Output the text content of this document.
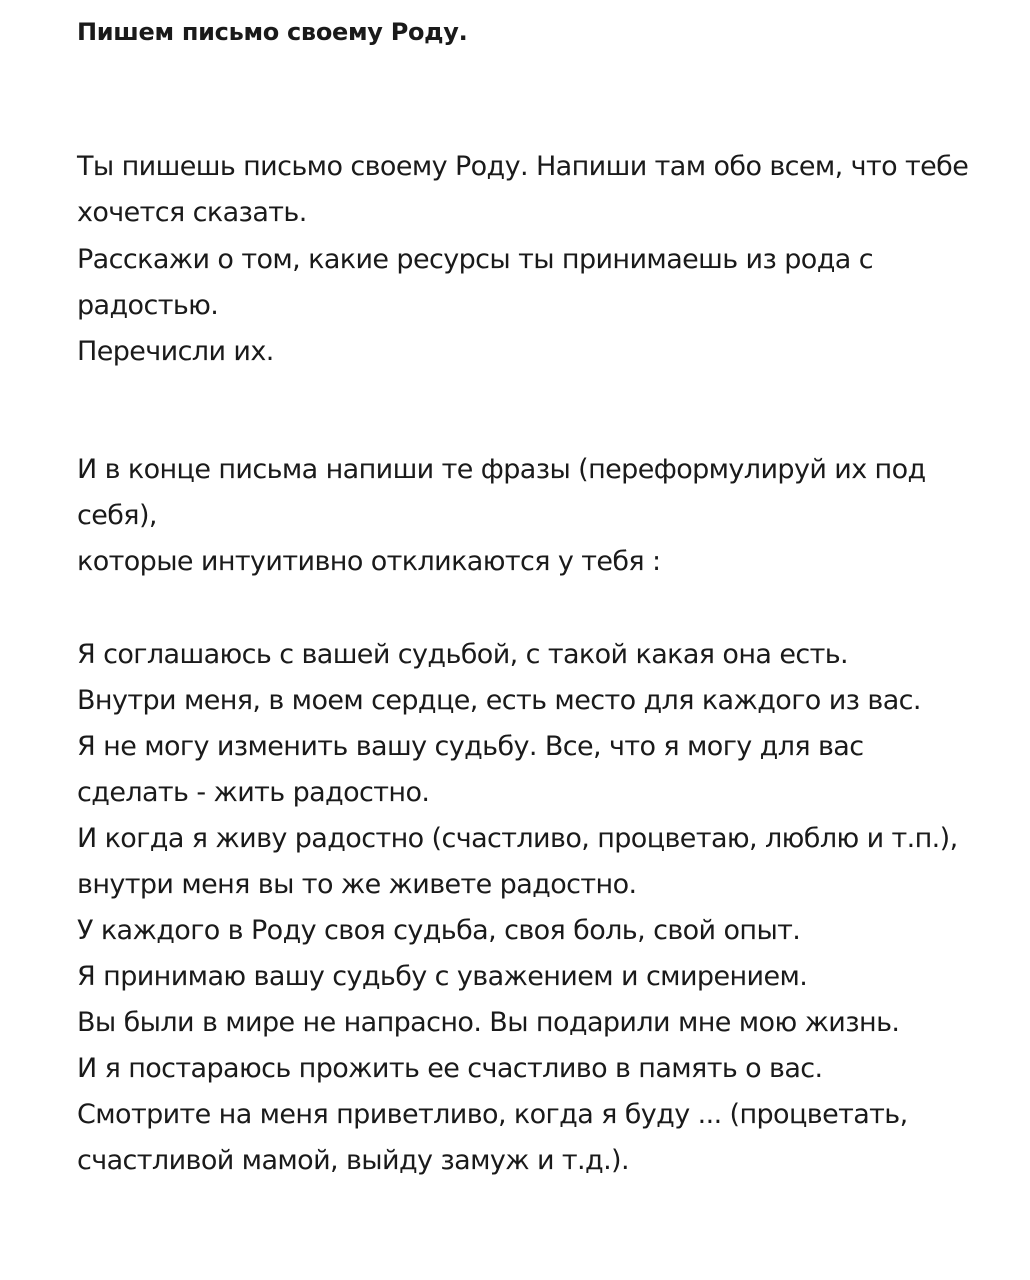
Пишем письмо своему Роду.

Ты пишешь письмо своему Роду. Напиши там обо всем, что тебе

хочется сказать.

Расскажи о том, какие ресурсы ты принимаешь из рода с

радостью.

Перечисли их.

И в конце письма напиши те фразы (переформулируй их под

себя),

которые интуитивно откликаются у тебя :

Я соглашаюсь с вашей судьбой, с такой какая она есть.

Внутри меня, в моем сердце, есть место для каждого из вас.

Я не могу изменить вашу судьбу. Все, что я могу для вас

сделать - жить радостно.

И когда я живу радостно (счастливо, процветаю, люблю и т.п.),

внутри меня вы то же живете радостно.

У каждого в Роду своя судьба, своя боль, свой опыт.

Я принимаю вашу судьбу с уважением и смирением.

Вы были в мире не напрасно. Вы подарили мне мою жизнь.

И я постараюсь прожить ее счастливо в память о вас.

Смотрите на меня приветливо, когда я буду ... (процветать,

счастливой мамой, выйду замуж и т.д.).
